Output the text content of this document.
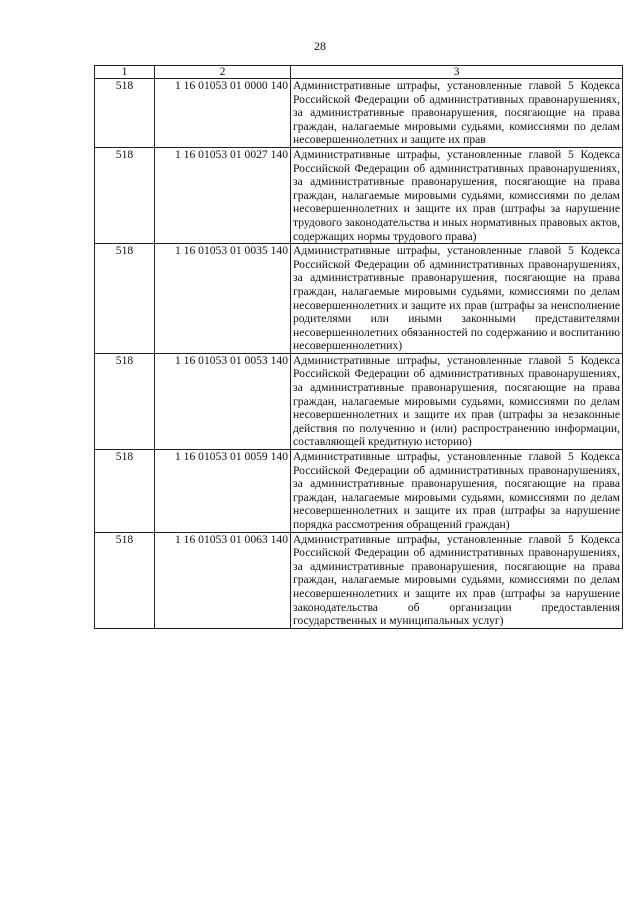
28
1	2	3
518	1 16 01053 01 0000 140	Административные штрафы, установленные главой 5 Кодекса Российской Федерации об административных правонарушениях, за административные правонарушения, посягающие на права граждан, налагаемые мировыми судьями, комиссиями по делам несовершеннолетних и защите их прав
518	1 16 01053 01 0027 140	Административные штрафы, установленные главой 5 Кодекса Российской Федерации об административных правонарушениях, за административные правонарушения, посягающие на права граждан, налагаемые мировыми судьями, комиссиями по делам несовершеннолетних и защите их прав (штрафы за нарушение трудового законодательства и иных нормативных правовых актов, содержащих нормы трудового права)
518	1 16 01053 01 0035 140	Административные штрафы, установленные главой 5 Кодекса Российской Федерации об административных правонарушениях, за административные правонарушения, посягающие на права граждан, налагаемые мировыми судьями, комиссиями по делам несовершеннолетних и защите их прав (штрафы за неисполнение родителями или иными законными представителями несовершеннолетних обязанностей по содержанию и воспитанию несовершеннолетних)
518	1 16 01053 01 0053 140	Административные штрафы, установленные главой 5 Кодекса Российской Федерации об административных правонарушениях, за административные правонарушения, посягающие на права граждан, налагаемые мировыми судьями, комиссиями по делам несовершеннолетних и защите их прав (штрафы за незаконные действия по получению и (или) распространению информации, составляющей кредитную историю)
518	1 16 01053 01 0059 140	Административные штрафы, установленные главой 5 Кодекса Российской Федерации об административных правонарушениях, за административные правонарушения, посягающие на права граждан, налагаемые мировыми судьями, комиссиями по делам несовершеннолетних и защите их прав (штрафы за нарушение порядка рассмотрения обращений граждан)
518	1 16 01053 01 0063 140	Административные штрафы, установленные главой 5 Кодекса Российской Федерации об административных правонарушениях, за административные правонарушения, посягающие на права граждан, налагаемые мировыми судьями, комиссиями по делам несовершеннолетних и защите их прав (штрафы за нарушение законодательства об организации предоставления государственных и муниципальных услуг)
